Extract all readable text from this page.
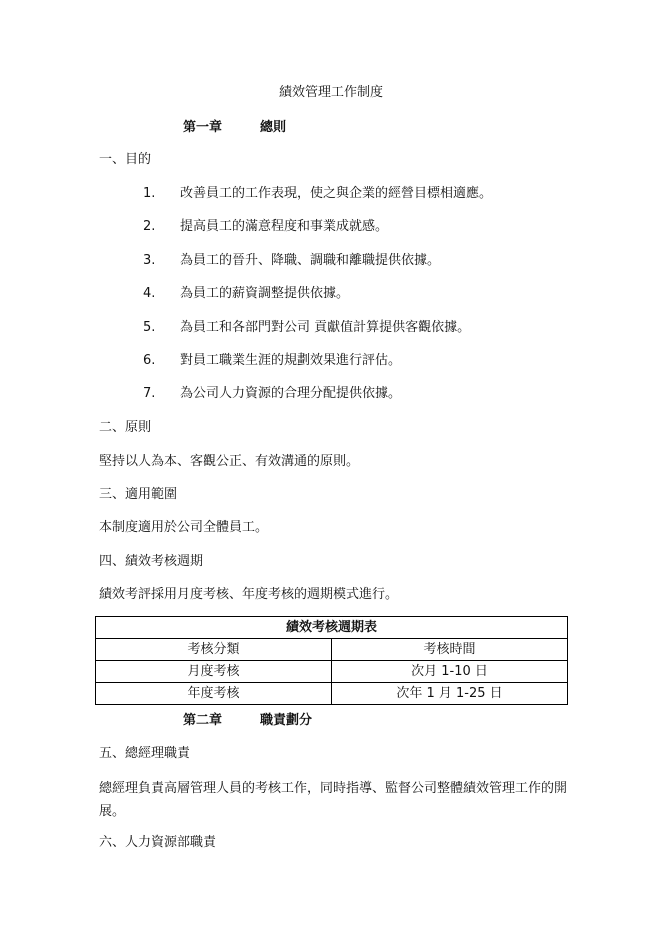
績效管理工作制度
第一章	總則
一、目的
1. 改善員工的工作表現，使之與企業的經營目標相適應。
2. 提高員工的滿意程度和事業成就感。
3. 為員工的晉升、降職、調職和離職提供依據。
4. 為員工的薪資調整提供依據。
5. 為員工和各部門對公司 貢獻值計算提供客觀依據。
6. 對員工職業生涯的規劃效果進行評估。
7. 為公司人力資源的合理分配提供依據。
二、原則
堅持以人為本、客觀公正、有效溝通的原則。
三、適用範圍
本制度適用於公司全體員工。
四、績效考核週期
績效考評採用月度考核、年度考核的週期模式進行。
績效考核週期表	
考核分類	考核時間
月度考核	次月 1-10 日
年度考核	次年 1 月 1-25 日
第二章	職責劃分
五、總經理職責
總經理負責高層管理人員的考核工作，同時指導、監督公司整體績效管理工作的開展。
六、人力資源部職責
